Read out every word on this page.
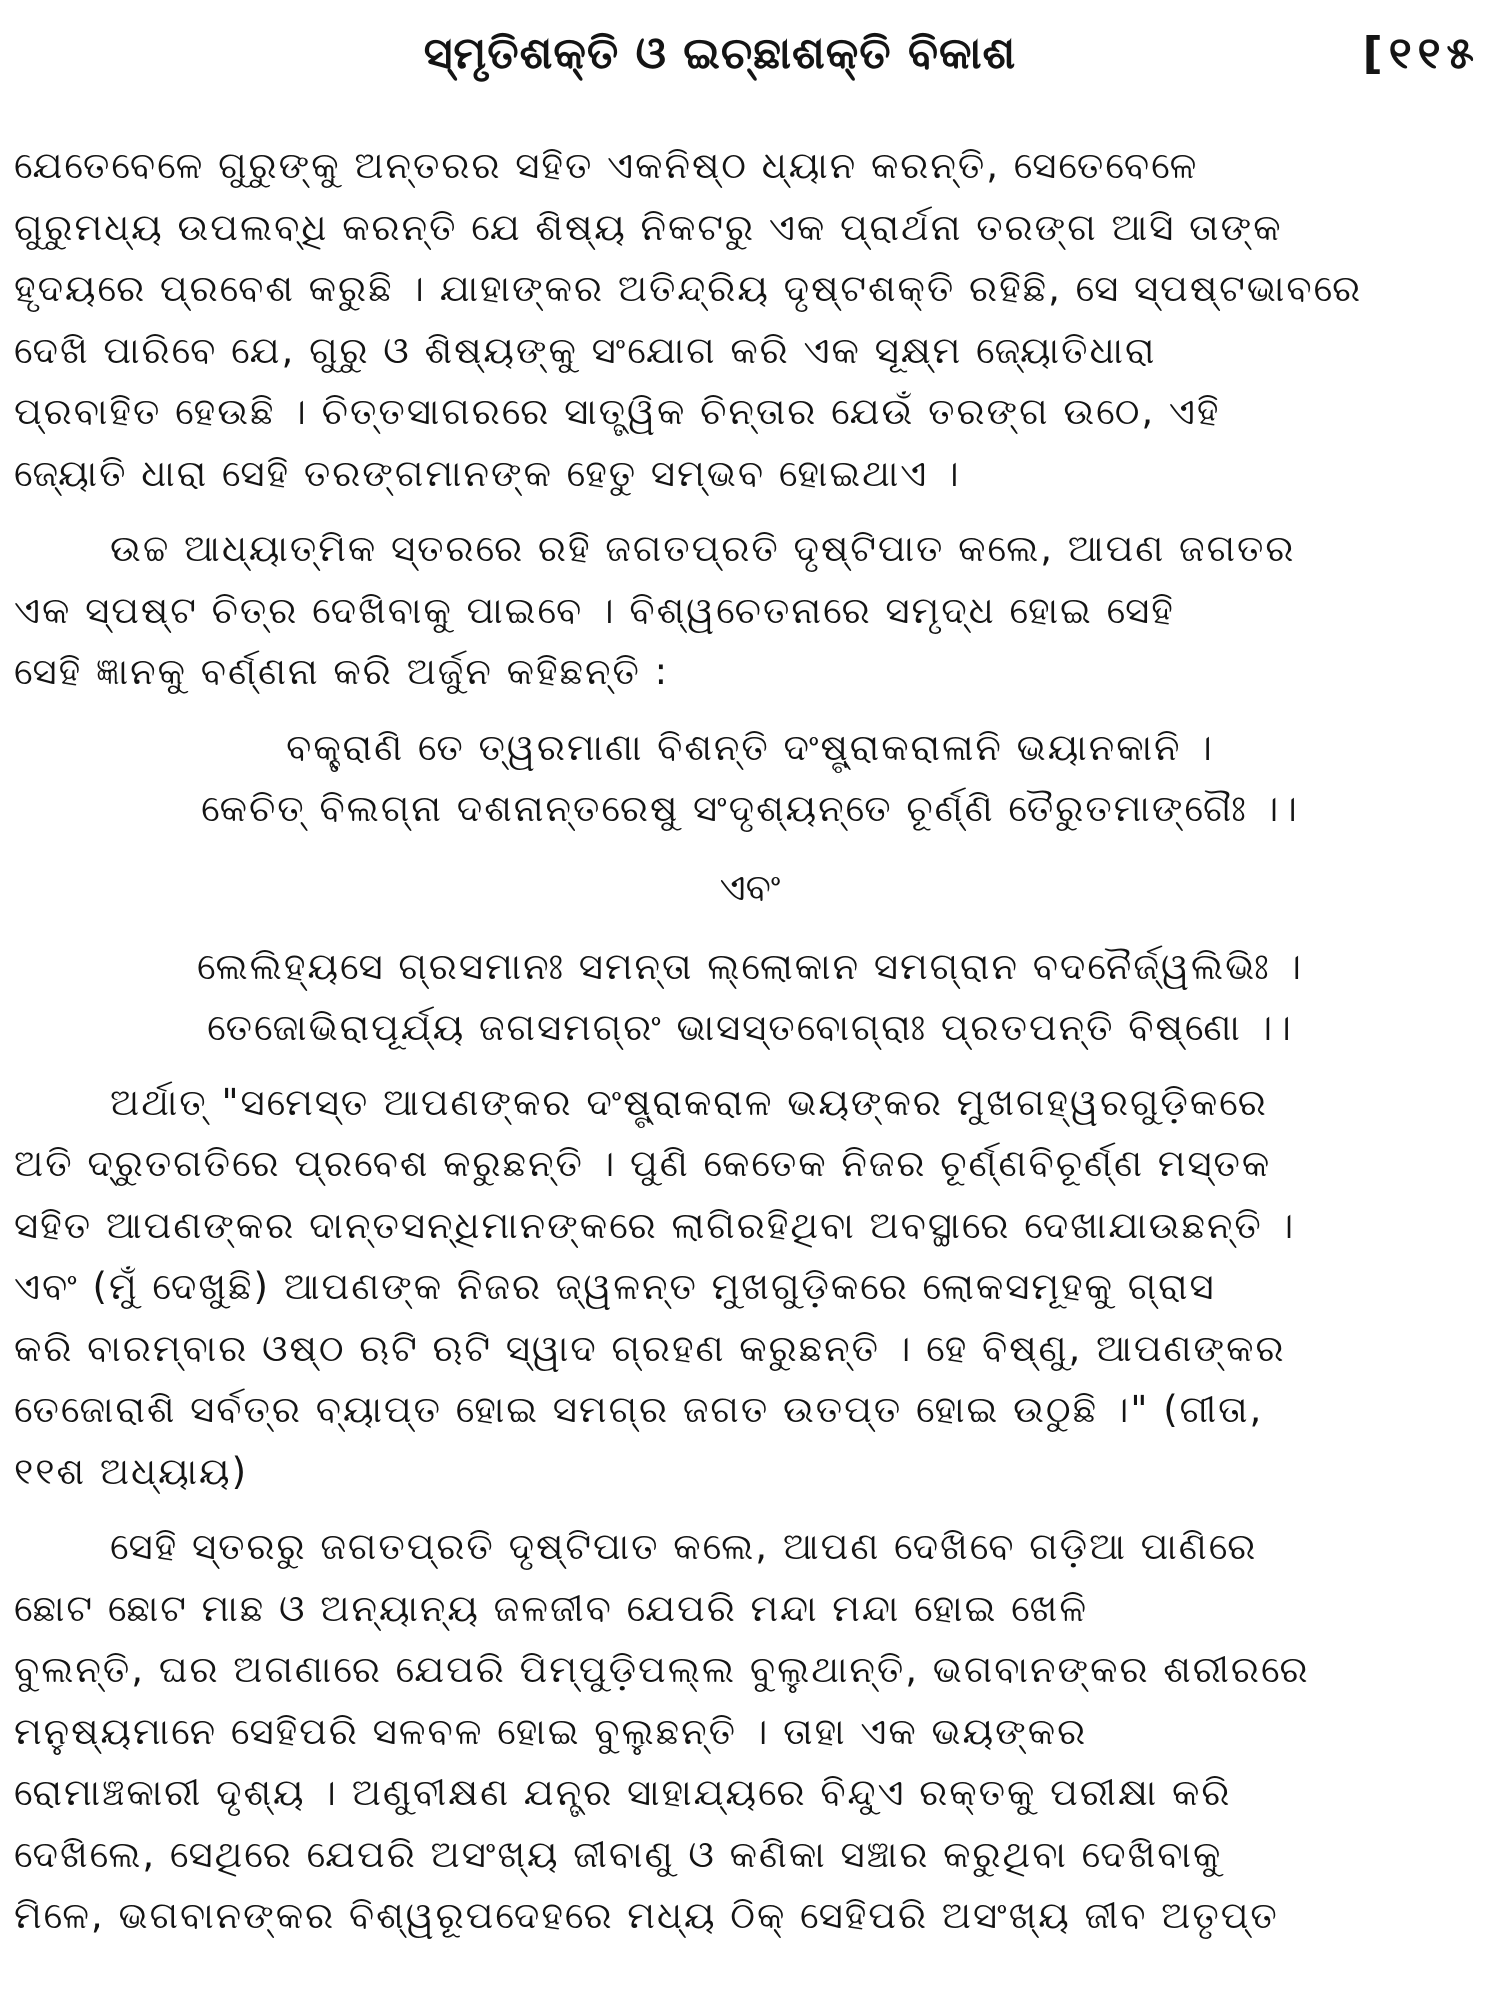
ସ୍ମୃତିଶକ୍ତି ଓ ଇଚ୍ଛାଶକ୍ତି ବିକାଶ	[୧୧୫

ଯେତେବେଳେ ଗୁରୁଙ୍କୁ ଅନ୍ତରର ସହିତ ଏକନିଷ୍ଠ ଧ୍ୟାନ କରନ୍ତି, ସେତେବେଳେ
ଗୁରୁମଧ୍ୟ ଉପଲବ୍ଧି କରନ୍ତି ଯେ ଶିଷ୍ୟ ନିକଟରୁ ଏକ ପ୍ରାର୍ଥନା ତରଙ୍ଗ ଆସି ତାଙ୍କ
ହୃଦୟରେ ପ୍ରବେଶ କରୁଛି । ଯାହାଙ୍କର ଅତିନ୍ଦ୍ରିୟ ଦୃଷ୍ଟଶକ୍ତି ରହିଛି, ସେ ସ୍ପଷ୍ଟଭାବରେ
ଦେଖି ପାରିବେ ଯେ, ଗୁରୁ ଓ ଶିଷ୍ୟଙ୍କୁ ସଂଯୋଗ କରି ଏକ ସୂକ୍ଷ୍ମ ଜ୍ୟୋତିଧାରା
ପ୍ରବାହିତ ହେଉଛି । ଚିତ୍ତସାଗରରେ ସାତ୍ତ୍ୱିକ ଚିନ୍ତାର ଯେଉଁ ତରଙ୍ଗ ଉଠେ, ଏହି
ଜ୍ୟୋତି ଧାରା ସେହି ତରଙ୍ଗମାନଙ୍କ ହେତୁ ସମ୍ଭବ ହୋଇଥାଏ ।

ଉଚ୍ଚ ଆଧ୍ୟାତ୍ମିକ ସ୍ତରରେ ରହି ଜଗତପ୍ରତି ଦୃଷ୍ଟିପାତ କଲେ, ଆପଣ ଜଗତର
ଏକ ସ୍ପଷ୍ଟ ଚିତ୍ର ଦେଖିବାକୁ ପାଇବେ । ବିଶ୍ୱଚେତନାରେ ସମୃଦ୍ଧ ହୋଇ ସେହି
ସେହି ଜ୍ଞାନକୁ ବର୍ଣ୍ଣନା କରି ଅର୍ଜୁନ କହିଛନ୍ତି :

ବକ୍ତ୍ରାଣି ତେ ତ୍ୱରମାଣା ବିଶନ୍ତି ଦଂଷ୍ଟ୍ରାକରାଳାନି ଭୟାନକାନି ।

କେଚିତ୍ ବିଲଗ୍ନା ଦଶନାନ୍ତରେଷୁ ସଂଦୃଶ୍ୟନ୍ତେ ଚୂର୍ଣ୍ଣି ତୈରୁତମାଙ୍ଗୈଃ ।।

ଏବଂ

ଲେଲିହ୍ୟସେ ଗ୍ରସମାନଃ ସମନ୍ତା ଲ୍ଲୋକାନ ସମଗ୍ରାନ ବଦନୈର୍ଜ୍ୱଲିଭିଃ ।

ତେଜୋଭିରାପୂର୍ଯ୍ୟ ଜଗସମଗ୍ରଂ ଭାସସ୍ତବୋଗ୍ରାଃ ପ୍ରତପନ୍ତି ବିଷ୍ଣୋ ।।

ଅର୍ଥାତ୍ "ସମେସ୍ତ ଆପଣଙ୍କର ଦଂଷ୍ଟ୍ରାକରାଳ ଭୟଙ୍କର ମୁଖଗହ୍ୱରଗୁଡ଼ିକରେ
ଅତି ଦ୍ରୁତଗତିରେ ପ୍ରବେଶ କରୁଛନ୍ତି । ପୁଣି କେତେକ ନିଜର ଚୂର୍ଣ୍ଣବିଚୂର୍ଣ୍ଣ ମସ୍ତକ
ସହିତ ଆପଣଙ୍କର ଦାନ୍ତସନ୍ଧିମାନଙ୍କରେ ଲାଗିରହିଥିବା ଅବସ୍ଥାରେ ଦେଖାଯାଉଛନ୍ତି ।
ଏବଂ (ମୁଁ ଦେଖୁଛି) ଆପଣଙ୍କ ନିଜର ଜ୍ୱଳନ୍ତ ମୁଖଗୁଡ଼ିକରେ ଲୋକସମୂହକୁ ଗ୍ରାସ
କରି ବାରମ୍ବାର ଓଷ୍ଠ ଋଟି ଋଟି ସ୍ୱାଦ ଗ୍ରହଣ କରୁଛନ୍ତି । ହେ ବିଷ୍ଣୁ, ଆପଣଙ୍କର
ତେଜୋରାଶି ସର୍ବତ୍ର ବ୍ୟାପ୍ତ ହୋଇ ସମଗ୍ର ଜଗତ ଉତପ୍ତ ହୋଇ ଉଠୁଛି ।" (ଗୀତା,
୧୧ଶ ଅଧ୍ୟାୟ)

ସେହି ସ୍ତରରୁ ଜଗତପ୍ରତି ଦୃଷ୍ଟିପାତ କଲେ, ଆପଣ ଦେଖିବେ ଗଡ଼ିଆ ପାଣିରେ
ଛୋଟ ଛୋଟ ମାଛ ଓ ଅନ୍ୟାନ୍ୟ ଜଳଜୀବ ଯେପରି ମନ୍ଦା ମନ୍ଦା ହୋଇ ଖେଳି
ବୁଲନ୍ତି, ଘର ଅଗଣାରେ ଯେପରି ପିମ୍ପୁଡ଼ିପଲ୍ଲ ବୁଲୁଥାନ୍ତି, ଭଗବାନଙ୍କର ଶରୀରରେ
ମନୁଷ୍ୟମାନେ ସେହିପରି ସଳବଳ ହୋଇ ବୁଲୁଛନ୍ତି । ତାହା ଏକ ଭୟଙ୍କର
ରୋମାଞ୍ଚକାରୀ ଦୃଶ୍ୟ । ଅଣୁବୀକ୍ଷଣ ଯନ୍ତ୍ର ସାହାଯ୍ୟରେ ବିନ୍ଦୁଏ ରକ୍ତକୁ ପରୀକ୍ଷା କରି
ଦେଖିଲେ, ସେଥିରେ ଯେପରି ଅସଂଖ୍ୟ ଜୀବାଣୁ ଓ କଣିକା ସଞ୍ଚାର କରୁଥିବା ଦେଖିବାକୁ
ମିଳେ, ଭଗବାନଙ୍କର ବିଶ୍ୱରୂପଦେହରେ ମଧ୍ୟ ଠିକ୍ ସେହିପରି ଅସଂଖ୍ୟ ଜୀବ ଅତୃପ୍ତ
